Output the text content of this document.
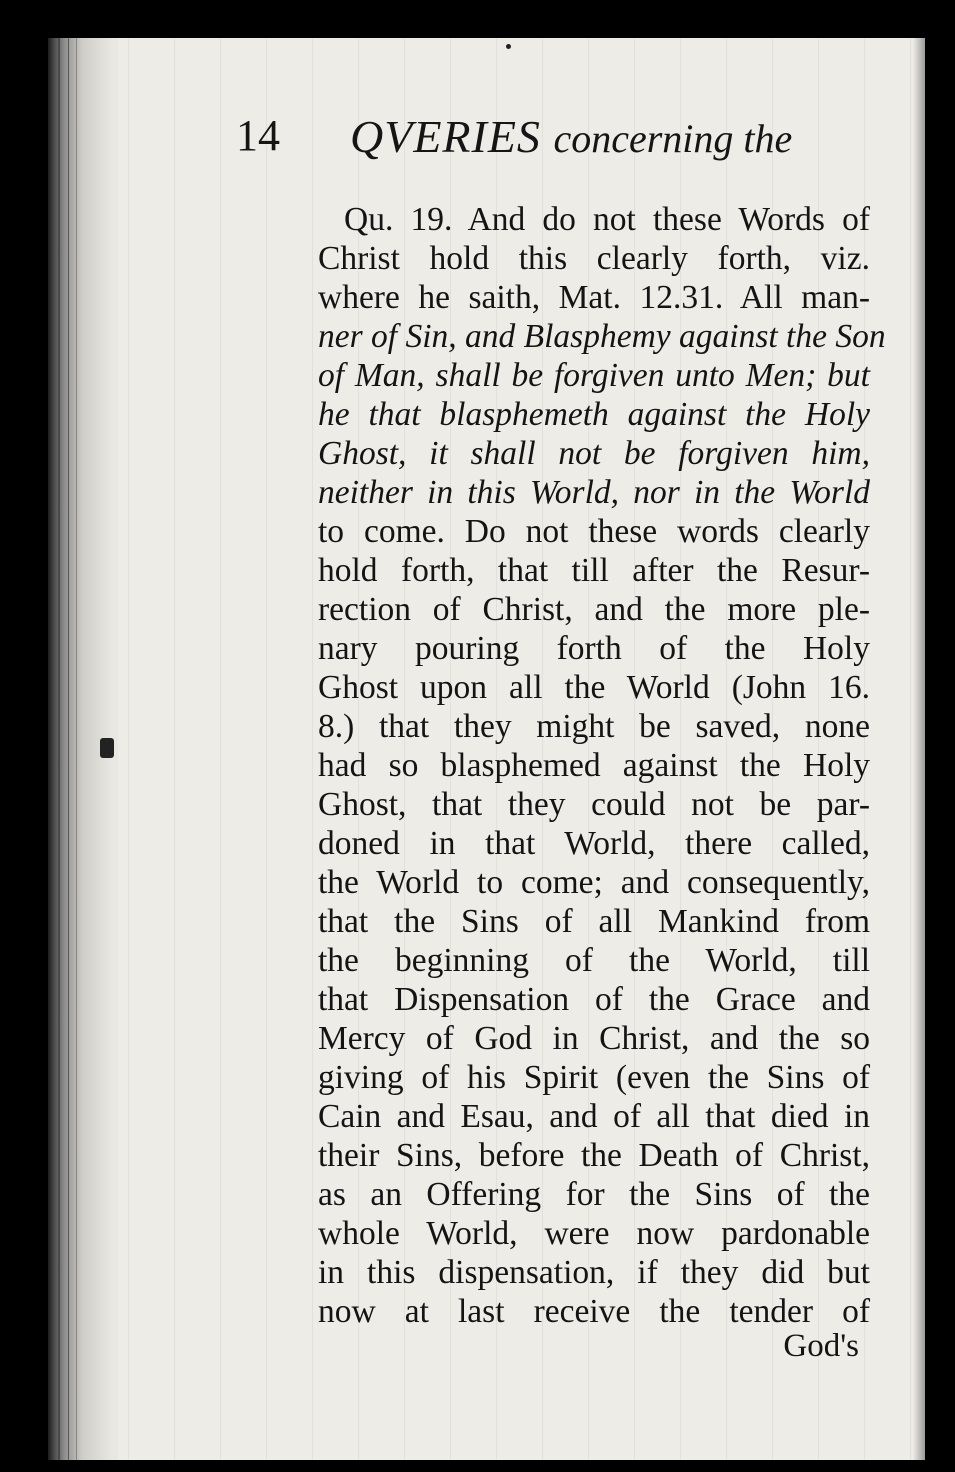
14 QVERIES concerning the
Qu. 19. And do not these Words of
Christ hold this clearly forth, viz.
where he saith, Mat. 12.31. All man-
ner of Sin, and Blasphemy against the Son
of Man, shall be forgiven unto Men; but
he that blasphemeth against the Holy
Ghost, it shall not be forgiven him,
neither in this World, nor in the World
to come. Do not these words clearly
hold forth, that till after the Resur-
rection of Christ, and the more ple-
nary pouring forth of the Holy
Ghost upon all the World (John 16.
8.) that they might be saved, none
had so blasphemed against the Holy
Ghost, that they could not be par-
doned in that World, there called,
the World to come; and consequently,
that the Sins of all Mankind from
the beginning of the World, till
that Dispensation of the Grace and
Mercy of God in Christ, and the so
giving of his Spirit (even the Sins of
Cain and Esau, and of all that died in
their Sins, before the Death of Christ,
as an Offering for the Sins of the
whole World, were now pardonable
in this dispensation, if they did but
now at last receive the tender of
God's
